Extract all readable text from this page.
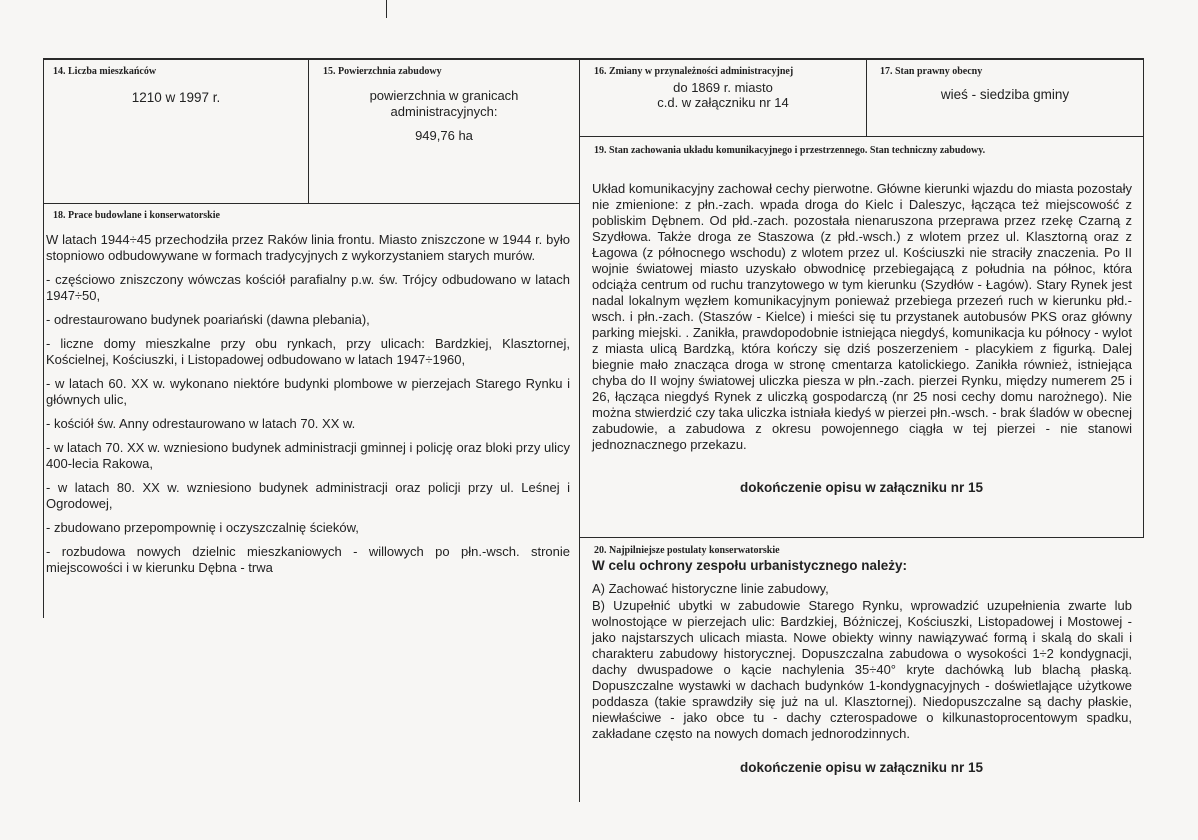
14. Liczba mieszkańców
1210 w 1997 r.
15. Powierzchnia zabudowy
powierzchnia w granicach
administracyjnych:
949,76 ha
16. Zmiany w przynależności administracyjnej
do 1869 r. miasto
c.d. w załączniku nr 14
17. Stan prawny obecny
wieś - siedziba gminy
18. Prace budowlane i konserwatorskie

W latach 1944÷45 przechodziła przez Raków linia frontu. Miasto zniszczone w 1944 r. było stopniowo odbudowywane w formach tradycyjnych z wykorzystaniem starych murów.

- częściowo zniszczony wówczas kościół parafialny p.w. św. Trójcy odbudowano w latach 1947÷50,

- odrestaurowano budynek poariański (dawna plebania),

- liczne domy mieszkalne przy obu rynkach, przy ulicach: Bardzkiej, Klasztornej, Kościelnej, Kościuszki, i Listopadowej odbudowano w latach 1947÷1960,

- w latach 60. XX w. wykonano niektóre budynki plombowe w pierzejach Starego Rynku i głównych ulic,

- kościół św. Anny odrestaurowano w latach 70. XX w.

- w latach 70. XX w. wzniesiono budynek administracji gminnej i policję oraz bloki przy ulicy 400-lecia Rakowa,

- w latach 80. XX w. wzniesiono budynek administracji oraz policji przy ul. Leśnej i Ogrodowej,

- zbudowano przepompownię i oczyszczalnię ścieków,

- rozbudowa nowych dzielnic mieszkaniowych - willowych po płn.-wsch. stronie miejscowości i w kierunku Dębna - trwa

19. Stan zachowania układu komunikacyjnego i przestrzennego. Stan techniczny zabudowy.
Układ komunikacyjny zachował cechy pierwotne. Główne kierunki wjazdu do miasta pozostały nie zmienione: z płn.-zach. wpada droga do Kielc i Daleszyc, łącząca też miejscowość z pobliskim Dębnem. Od płd.-zach. pozostała nienaruszona przeprawa przez rzekę Czarną z Szydłowa. Także droga ze Staszowa (z płd.-wsch.) z wlotem przez ul. Klasztorną oraz z Łagowa (z północnego wschodu) z wlotem przez ul. Kościuszki nie straciły znaczenia. Po II wojnie światowej miasto uzyskało obwodnicę przebiegającą z południa na północ, która odciąża centrum od ruchu tranzytowego w tym kierunku (Szydłów - Łagów). Stary Rynek jest nadal lokalnym węzłem komunikacyjnym ponieważ przebiega przezeń ruch w kierunku płd.-wsch. i płn.-zach. (Staszów - Kielce) i mieści się tu przystanek autobusów PKS oraz główny parking miejski. . Zanikła, prawdopodobnie istniejąca niegdyś, komunikacja ku północy - wylot z miasta ulicą Bardzką, która kończy się dziś poszerzeniem - placykiem z figurką. Dalej biegnie mało znacząca droga w stronę cmentarza katolickiego. Zanikła również, istniejąca chyba do II wojny światowej uliczka piesza w płn.-zach. pierzei Rynku, między numerem 25 i 26, łącząca niegdyś Rynek z uliczką gospodarczą (nr 25 nosi cechy domu narożnego). Nie można stwierdzić czy taka uliczka istniała kiedyś w pierzei płn.-wsch. - brak śladów w obecnej zabudowie, a zabudowa z okresu powojennego ciągła w tej pierzei - nie stanowi jednoznacznego przekazu.
dokończenie opisu w załączniku nr 15
20. Najpilniejsze postulaty konserwatorskie
W celu ochrony zespołu urbanistycznego należy:
A) Zachować historyczne linie zabudowy,
B) Uzupełnić ubytki w zabudowie Starego Rynku, wprowadzić uzupełnienia zwarte lub wolnostojące w pierzejach ulic: Bardzkiej, Bóżniczej, Kościuszki, Listopadowej i Mostowej - jako najstarszych ulicach miasta. Nowe obiekty winny nawiązywać formą i skalą do skali i charakteru zabudowy historycznej. Dopuszczalna zabudowa o wysokości 1÷2 kondygnacji, dachy dwuspadowe o kącie nachylenia 35÷40° kryte dachówką lub blachą płaską. Dopuszczalne wystawki w dachach budynków 1-kondygnacyjnych - doświetlające użytkowe poddasza (takie sprawdziły się już na ul. Klasztornej). Niedopuszczalne są dachy płaskie, niewłaściwe - jako obce tu - dachy czterospadowe o kilkunastoprocentowym spadku, zakładane często na nowych domach jednorodzinnych.
dokończenie opisu w załączniku nr 15
